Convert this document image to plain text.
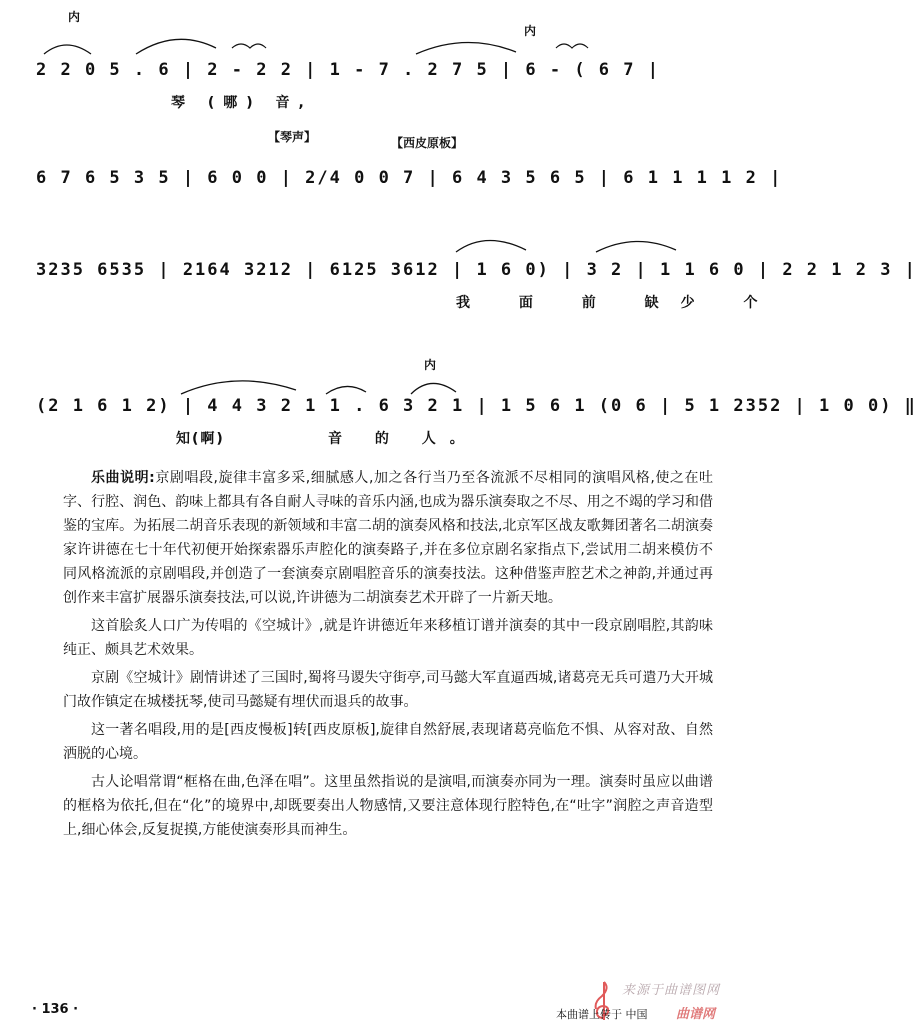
内
内
2 2 0 5 . 6 | 2 - 2 2 | 1 - 7 . 2 7 5 | 6 - ( 6 7 |
琴 (哪) 音,
【琴声】	【西皮原板】
6 7 6 5 3 5 | 6 0 0 | 2/4 0 0 7 | 6 4 3 5 6 5 | 6 1 1 1 1 2 |
3235 6535 | 2164 3212 | 6125 3612 | 1 6 0) | 3 2 | 1 1 6 0 | 2 2 1 2 3 |
我 面 前 缺少 个
内
(2 1 6 1 2) | 4 4 3 2 1 1 . 6 3 2 1 | 1 5 6 1 (0 6 | 5 1 2352 | 1 0 0) ‖
知(啊)	音 的 人。

乐曲说明:京剧唱段,旋律丰富多采,细腻感人,加之各行当乃至各流派不尽相同的演唱风格,使之在吐字、行腔、润色、韵味上都具有各自耐人寻味的音乐内涵,也成为器乐演奏取之不尽、用之不竭的学习和借鉴的宝库。为拓展二胡音乐表现的新领域和丰富二胡的演奏风格和技法,北京军区战友歌舞团著名二胡演奏家许讲德在七十年代初便开始探索器乐声腔化的演奏路子,并在多位京剧名家指点下,尝试用二胡来模仿不同风格流派的京剧唱段,并创造了一套演奏京剧唱腔音乐的演奏技法。这种借鉴声腔艺术之神韵,并通过再创作来丰富扩展器乐演奏技法,可以说,许讲德为二胡演奏艺术开辟了一片新天地。

这首脍炙人口广为传唱的《空城计》,就是许讲德近年来移植订谱并演奏的其中一段京剧唱腔,其韵味纯正、颇具艺术效果。

京剧《空城计》剧情讲述了三国时,蜀将马谡失守街亭,司马懿大军直逼西城,诸葛亮无兵可遣乃大开城门故作镇定在城楼抚琴,使司马懿疑有埋伏而退兵的故事。

这一著名唱段,用的是[西皮慢板]转[西皮原板],旋律自然舒展,表现诸葛亮临危不惧、从容对敌、自然洒脱的心境。

古人论唱常谓“框格在曲,色泽在唱”。这里虽然指说的是演唱,而演奏亦同为一理。演奏时虽应以曲谱的框格为依托,但在“化”的境界中,却既要奏出人物感情,又要注意体现行腔特色,在“吐字”润腔之声音造型上,细心体会,反复捉摸,方能使演奏形具而神生。

· 136 ·
来源于曲谱图网
本曲谱上传于 中国 曲谱网
